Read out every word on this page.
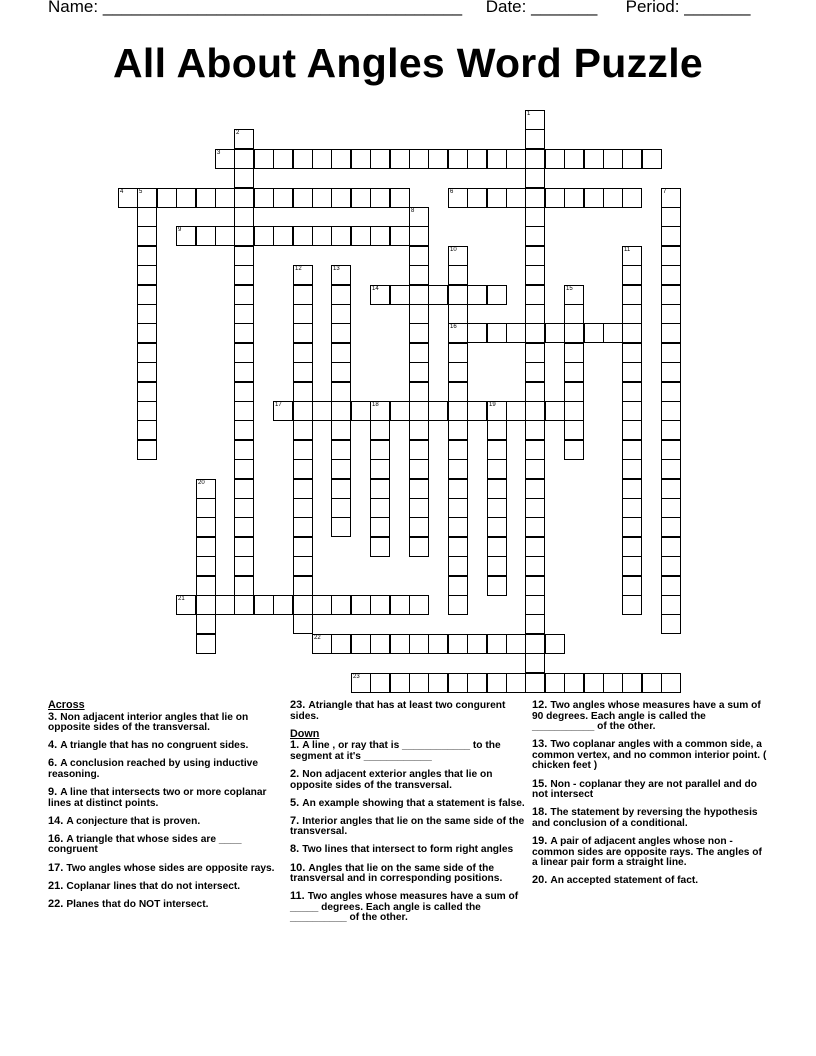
Name: ______________________________________ Date: _______ Period: _______
All About Angles Word Puzzle
1
2
3
4	5	6	7
8
9
10
16
11
12	13
14	15
17	18	19
20
21
22
23
Across
3. Non adjacent interior angles that lie on opposite sides of the transversal.
4. A triangle that has no congruent sides.
6. A conclusion reached by using inductive reasoning.
9. A line that intersects two or more coplanar lines at distinct points.
14. A conjecture that is proven.
16. A triangle that whose sides are ____ congruent
17. Two angles whose sides are opposite rays.
21. Coplanar lines that do not intersect.
22. Planes that do NOT intersect.
23. Atriangle that has at least two congurent sides.
Down
1. A line , or ray that is ____________ to the segment at it's ____________
2. Non adjacent exterior angles that lie on opposite sides of the transversal.
5. An example showing that a statement is false.
7. Interior angles that lie on the same side of the transversal.
8. Two lines that intersect to form right angles
10. Angles that lie on the same side of the transversal and in corresponding positions.
11. Two angles whose measures have a sum of _____ degrees. Each angle is called the __________ of the other.
12. Two angles whose measures have a sum of 90 degrees. Each angle is called the ___________ of the other.
13. Two coplanar angles with a common side, a common vertex, and no common interior point. ( chicken feet )
15. Non - coplanar they are not parallel and do not intersect
18. The statement by reversing the hypothesis and conclusion of a conditional.
19. A pair of adjacent angles whose non - common sides are opposite rays. The angles of a linear pair form a straight line.
20. An accepted statement of fact.
